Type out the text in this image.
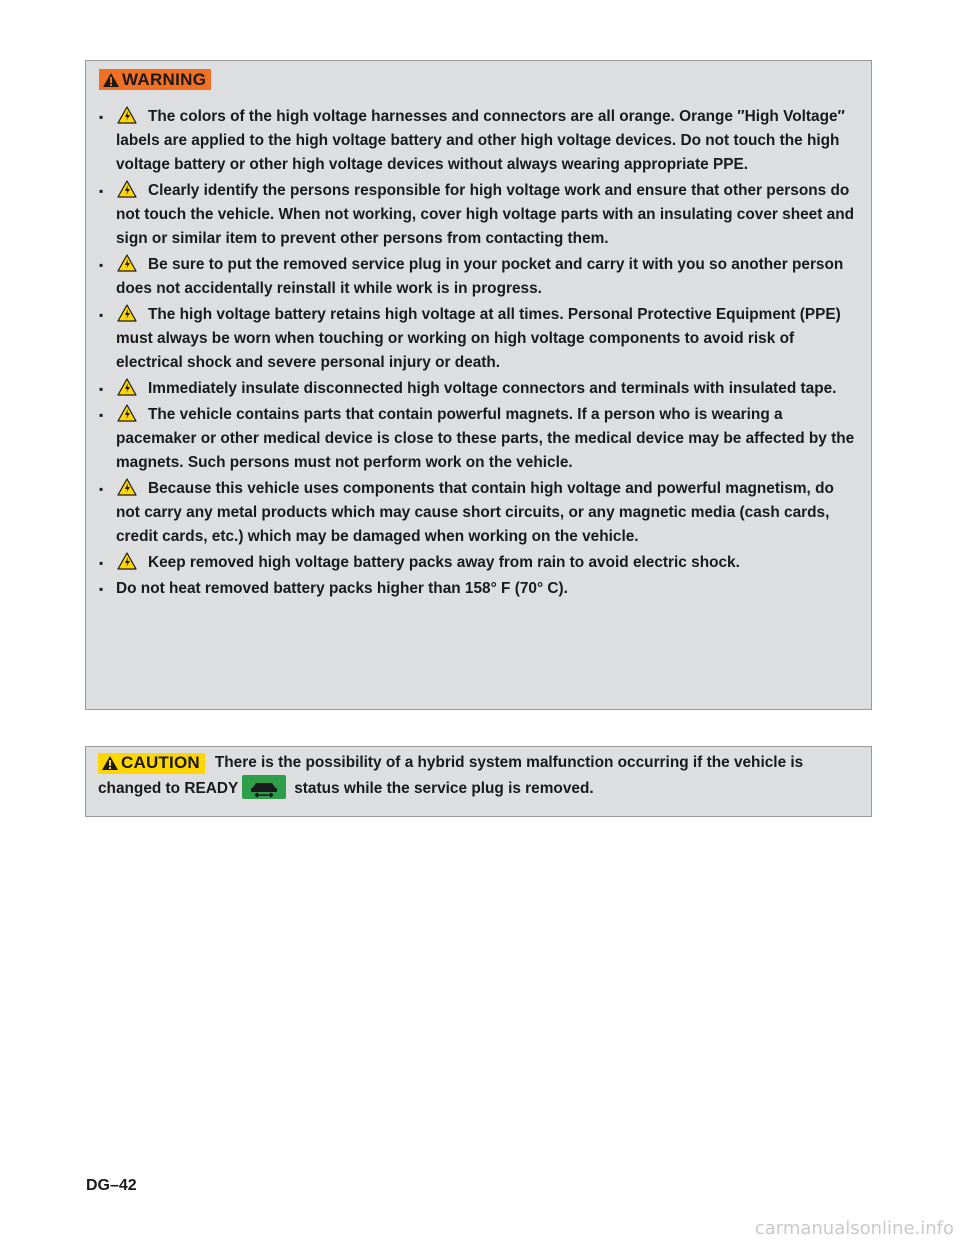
WARNING
▪	The colors of the high voltage harnesses and connectors are all orange. Orange ″High Voltage″ labels are applied to the high voltage battery and other high voltage devices. Do not touch the high voltage battery or other high voltage devices without always wearing appropriate PPE.
▪	Clearly identify the persons responsible for high voltage work and ensure that other persons do not touch the vehicle. When not working, cover high voltage parts with an insulating cover sheet and sign or similar item to prevent other persons from contacting them.
▪	Be sure to put the removed service plug in your pocket and carry it with you so another person does not accidentally reinstall it while work is in progress.
▪	The high voltage battery retains high voltage at all times. Personal Protective Equipment (PPE) must always be worn when touching or working on high voltage components to avoid risk of electrical shock and severe personal injury or death.
▪	Immediately insulate disconnected high voltage connectors and terminals with insulated tape.
▪	The vehicle contains parts that contain powerful magnets. If a person who is wearing a pacemaker or other medical device is close to these parts, the medical device may be affected by the magnets. Such persons must not perform work on the vehicle.
▪	Because this vehicle uses components that contain high voltage and powerful magnetism, do not carry any metal products which may cause short circuits, or any magnetic media (cash cards, credit cards, etc.) which may be damaged when working on the vehicle.
▪	Keep removed high voltage battery packs away from rain to avoid electric shock.
▪ Do not heat removed battery packs higher than 158° F (70° C).
CAUTION There is the possibility of a hybrid system malfunction occurring if the vehicle is changed to READY	status while the service plug is removed.
DG–42
carmanualsonline.info
